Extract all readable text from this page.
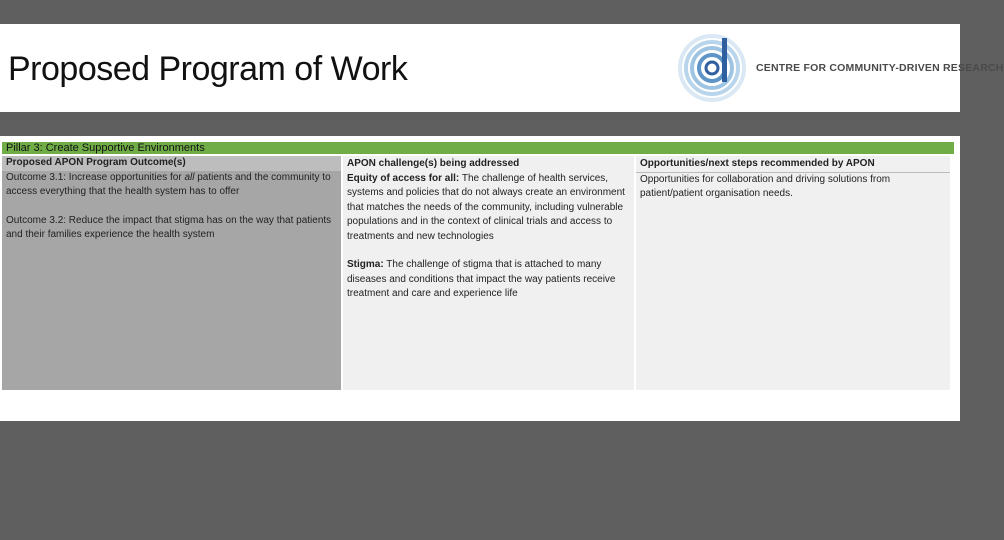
Proposed Program of Work	CENTRE FOR COMMUNITY-DRIVEN RESEARCH
Pillar 3: Create Supportive Environments
Proposed APON Program Outcome(s)

Outcome 3.1: Increase opportunities for all patients and the community to access everything that the health system has to offer

Outcome 3.2: Reduce the impact that stigma has on the way that patients and their families experience the health system

APON challenge(s) being addressed

Equity of access for all: The challenge of health services, systems and policies that do not always create an environment that matches the needs of the community, including vulnerable populations and in the context of clinical trials and access to treatments and new technologies

Stigma: The challenge of stigma that is attached to many diseases and conditions that impact the way patients receive treatment and care and experience life

Opportunities/next steps recommended by APON

Opportunities for collaboration and driving solutions from patient/patient organisation needs.
